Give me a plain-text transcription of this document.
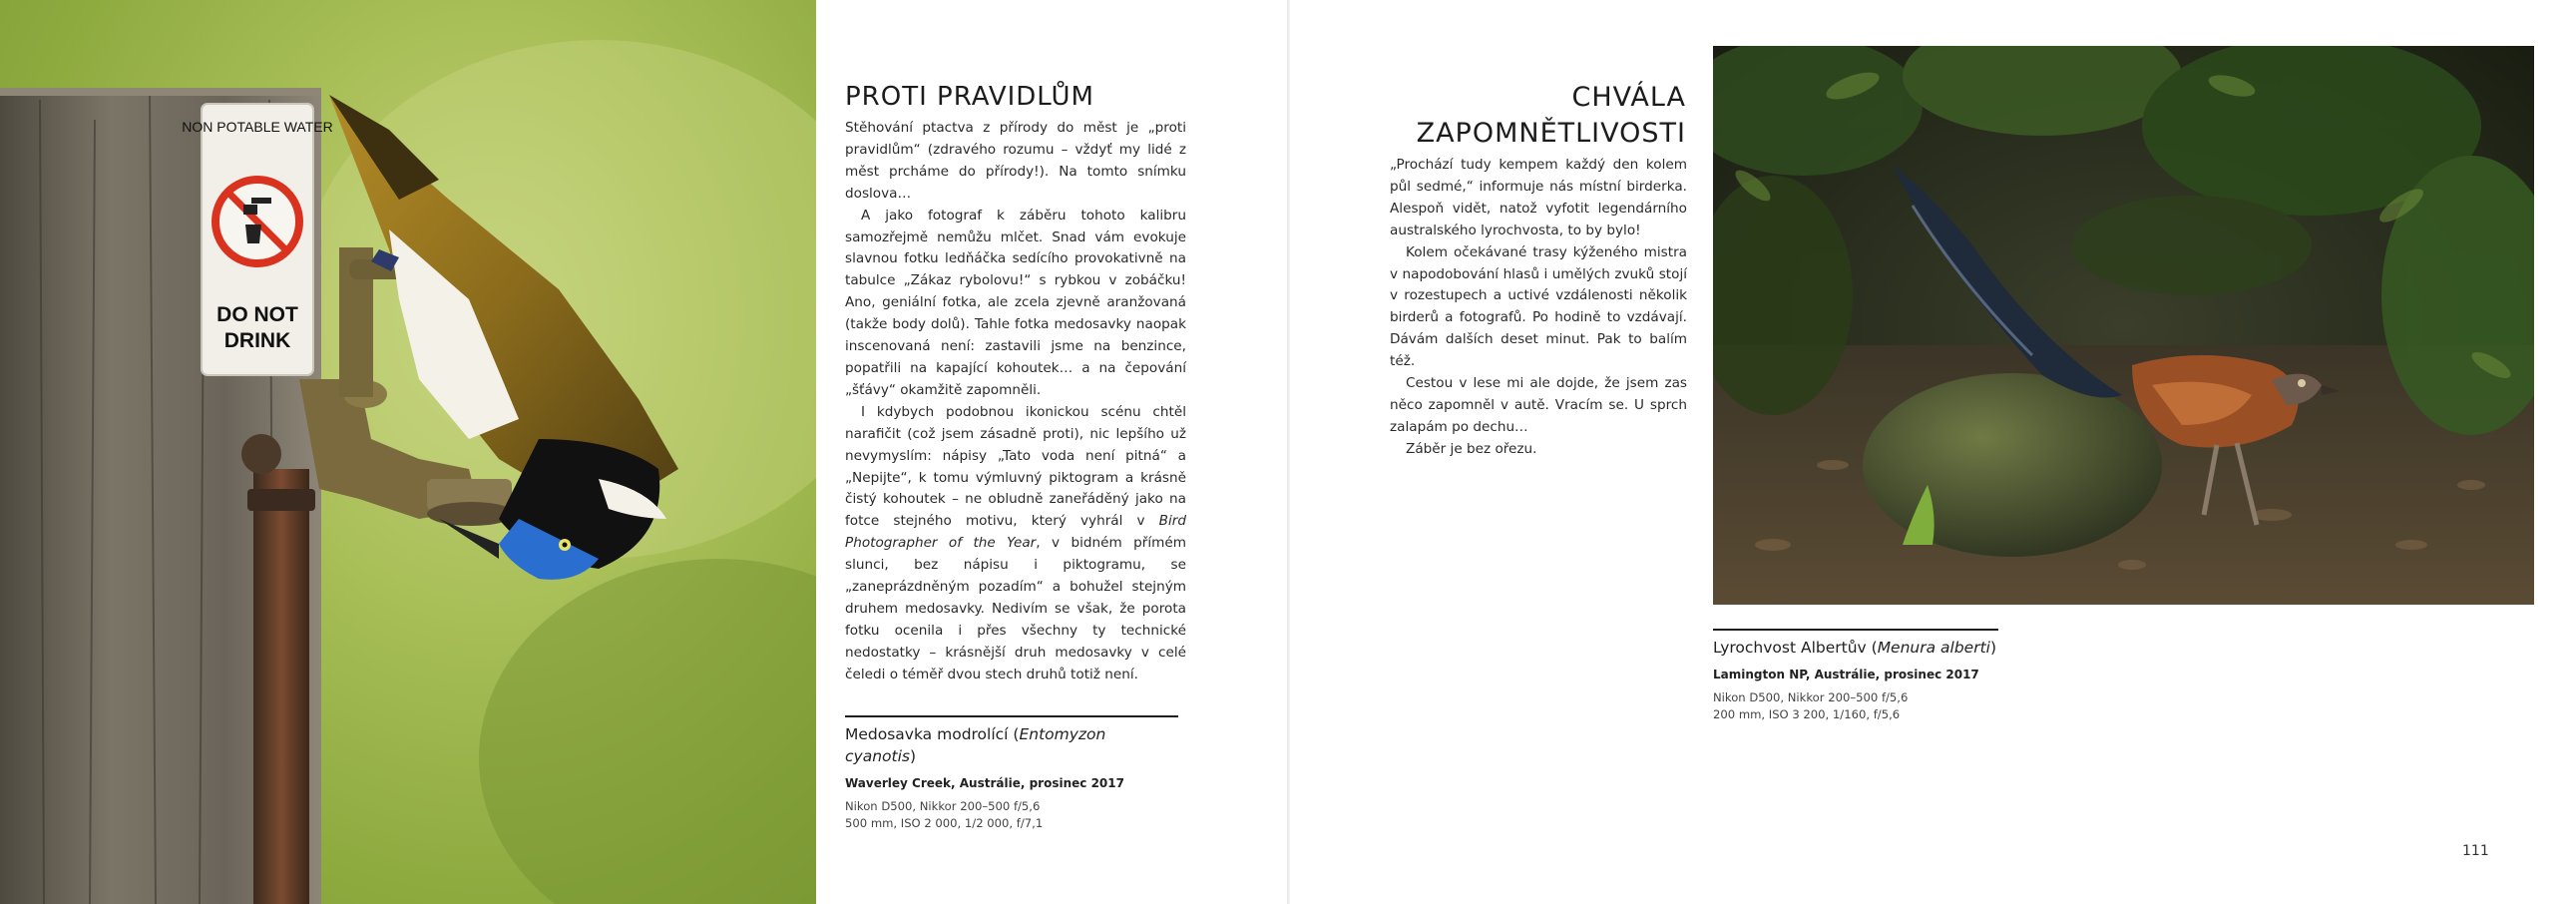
NON POTABLE WATER
DO NOT
DRINK
PROTI PRAVIDLŮM

Stěhování ptactva z přírody do měst je „proti pravidlům“ (zdravého rozumu – vždyť my lidé z měst prcháme do přírody!). Na tomto snímku doslova…

A jako fotograf k záběru tohoto kalibru samozřejmě nemůžu mlčet. Snad vám evokuje slavnou fotku ledňáčka sedícího provokativně na tabulce „Zákaz rybolovu!“ s rybkou v zobáčku! Ano, geniální fotka, ale zcela zjevně aranžovaná (takže body dolů). Tahle fotka medosavky naopak inscenovaná není: zastavili jsme na benzince, popatřili na kapající kohoutek… a na čepování „šťávy“ okamžitě zapomněli.

I kdybych podobnou ikonickou scénu chtěl narafičit (což jsem zásadně proti), nic lepšího už nevymyslím: nápisy „Tato voda není pitná“ a „Nepijte“, k tomu výmluvný piktogram a krásně čistý kohoutek – ne obludně zaneřáděný jako na fotce stejného motivu, který vyhrál v Bird Photographer of the Year, v bidném přímém slunci, bez nápisu i piktogramu, se „zaneprázdněným pozadím“ a bohužel stejným druhem medosavky. Nedivím se však, že porota fotku ocenila i přes všechny ty technické nedostatky – krásnější druh medosavky v celé čeledi o téměř dvou stech druhů totiž není.

Medosavka modrolící (Entomyzon cyanotis)
Waverley Creek, Austrálie, prosinec 2017
Nikon D500, Nikkor 200–500 f/5,6
500 mm, ISO 2 000, 1/2 000, f/7,1
CHVÁLA
ZAPOMNĚTLIVOSTI

„Prochází tudy kempem každý den kolem půl sedmé,“ informuje nás místní birderka. Alespoň vidět, natož vyfotit legendárního australského lyrochvosta, to by bylo!

Kolem očekávané trasy kýženého mistra v napodobování hlasů i umělých zvuků stojí v rozestupech a uctivé vzdálenosti několik birderů a fotografů. Po hodině to vzdávají. Dávám dalších deset minut. Pak to balím též.

Cestou v lese mi ale dojde, že jsem zas něco zapomněl v autě. Vracím se. U sprch zalapám po dechu…

Záběr je bez ořezu.

Lyrochvost Albertův (Menura alberti)
Lamington NP, Austrálie, prosinec 2017
Nikon D500, Nikkor 200–500 f/5,6
200 mm, ISO 3 200, 1/160, f/5,6
111
